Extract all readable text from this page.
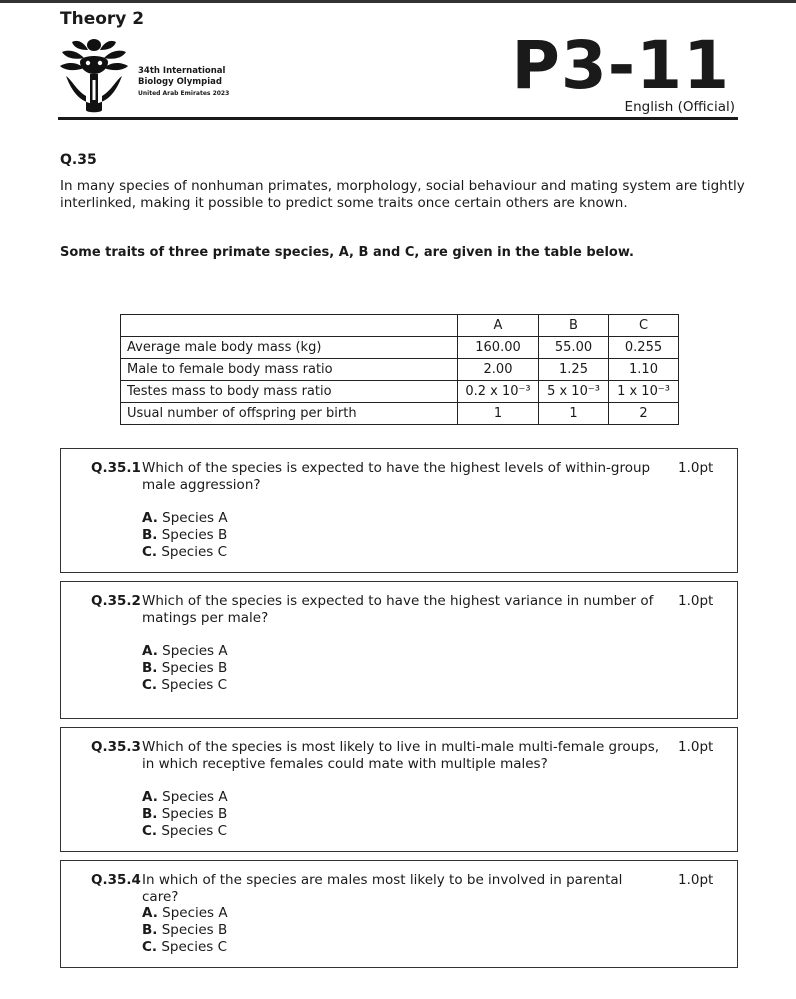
Theory 2
34th International
Biology Olympiad
United Arab Emirates 2023	P3-11
English (Official)
Q.35
In many species of nonhuman primates, morphology, social behaviour and mating system are tightly interlinked, making it possible to predict some traits once certain others are known.
Some traits of three primate species, A, B and C, are given in the table below.
	A	B	C
Average male body mass (kg)	160.00	55.00	0.255
Male to female body mass ratio	2.00	1.25	1.10
Testes mass to body mass ratio	0.2 x 10⁻³	5 x 10⁻³	1 x 10⁻³
Usual number of offspring per birth	1	1	2
Q.35.1 Which of the species is expected to have the highest levels of within-group male aggression?
1.0pt
A. Species A
B. Species B
C. Species C
Q.35.2 Which of the species is expected to have the highest variance in number of matings per male?
1.0pt
A. Species A
B. Species B
C. Species C
Q.35.3 Which of the species is most likely to live in multi-male multi-female groups, in which receptive females could mate with multiple males?
1.0pt
A. Species A
B. Species B
C. Species C
Q.35.4 In which of the species are males most likely to be involved in parental care?
1.0pt
A. Species A
B. Species B
C. Species C
